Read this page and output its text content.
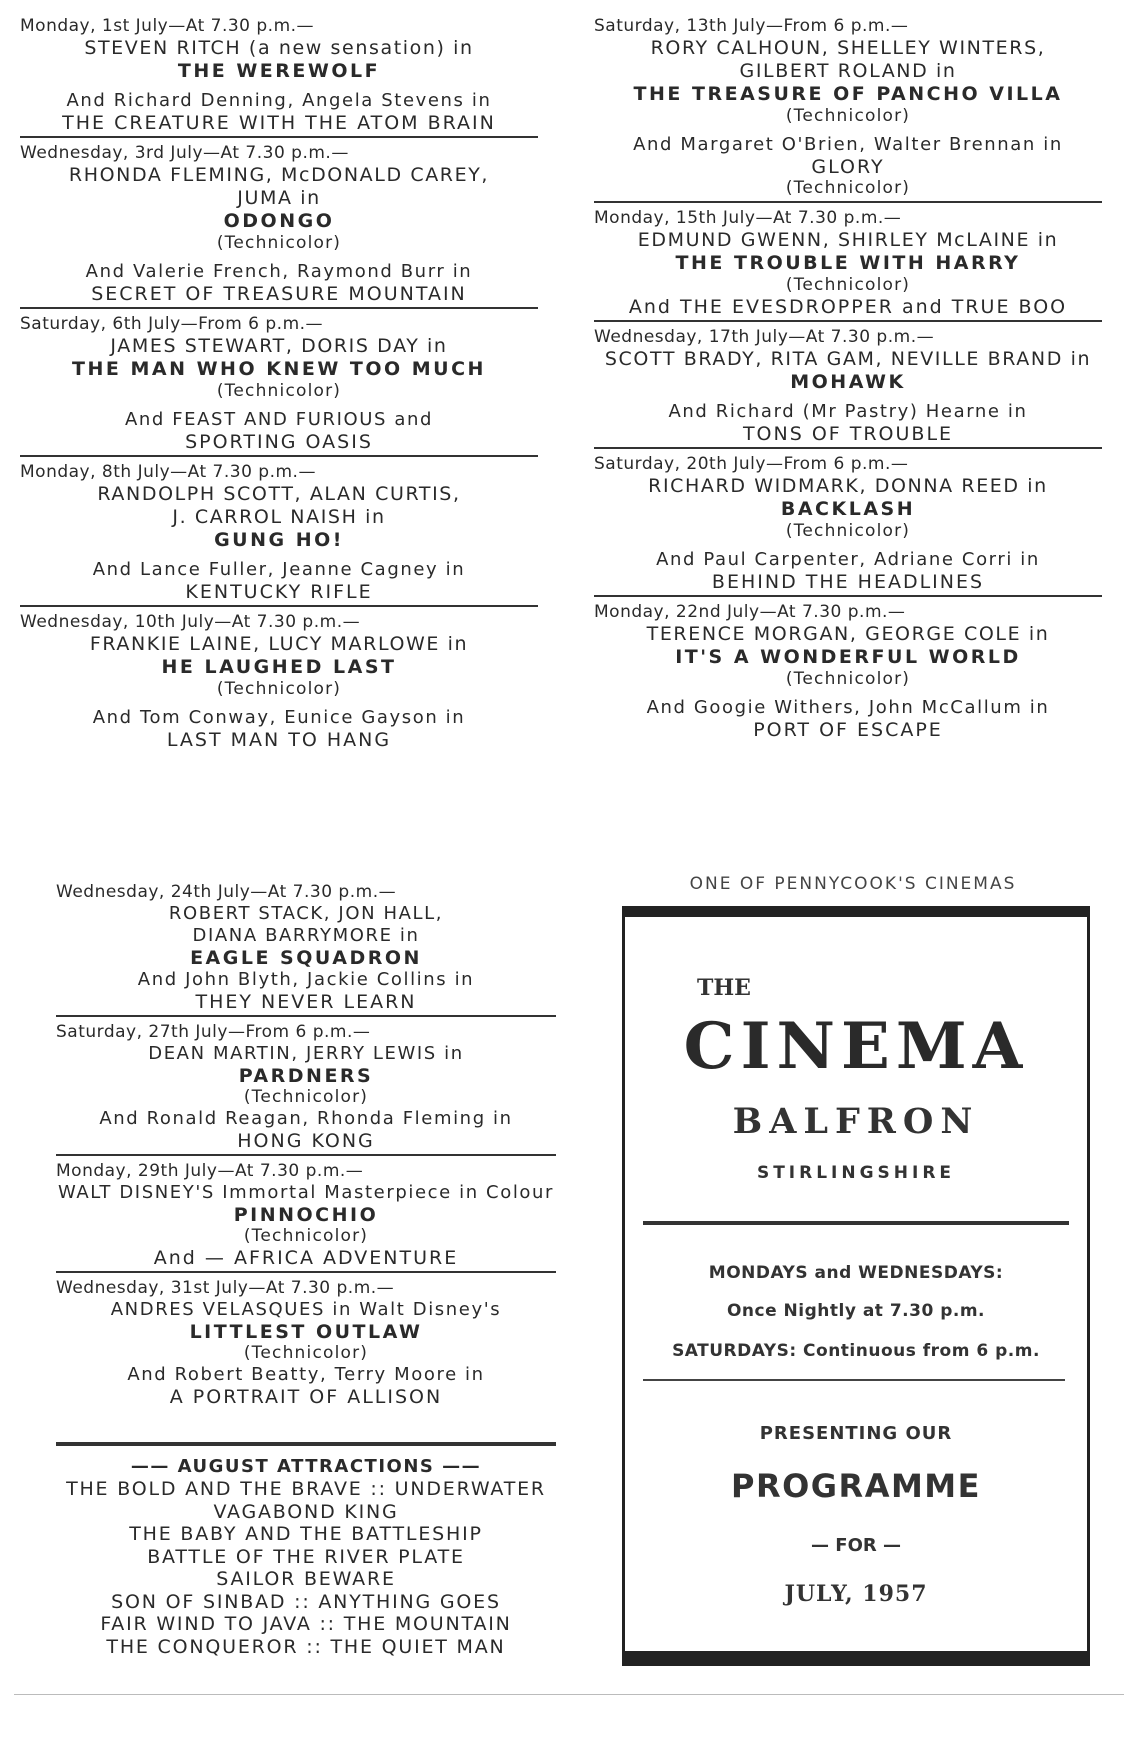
Monday, 1st July—At 7.30 p.m.—
STEVEN RITCH (a new sensation) in
THE WEREWOLF
And Richard Denning, Angela Stevens in
THE CREATURE WITH THE ATOM BRAIN
Wednesday, 3rd July—At 7.30 p.m.—
RHONDA FLEMING, McDONALD CAREY,
JUMA in
ODONGO
(Technicolor)
And Valerie French, Raymond Burr in
SECRET OF TREASURE MOUNTAIN
Saturday, 6th July—From 6 p.m.—
JAMES STEWART, DORIS DAY in
THE MAN WHO KNEW TOO MUCH
(Technicolor)
And FEAST AND FURIOUS and
SPORTING OASIS
Monday, 8th July—At 7.30 p.m.—
RANDOLPH SCOTT, ALAN CURTIS,
J. CARROL NAISH in
GUNG HO!
And Lance Fuller, Jeanne Cagney in
KENTUCKY RIFLE
Wednesday, 10th July—At 7.30 p.m.—
FRANKIE LAINE, LUCY MARLOWE in
HE LAUGHED LAST
(Technicolor)
And Tom Conway, Eunice Gayson in
LAST MAN TO HANG
Saturday, 13th July—From 6 p.m.—
RORY CALHOUN, SHELLEY WINTERS,
GILBERT ROLAND in
THE TREASURE OF PANCHO VILLA
(Technicolor)
And Margaret O'Brien, Walter Brennan in
GLORY
(Technicolor)
Monday, 15th July—At 7.30 p.m.—
EDMUND GWENN, SHIRLEY McLAINE in
THE TROUBLE WITH HARRY
(Technicolor)
And THE EVESDROPPER and TRUE BOO
Wednesday, 17th July—At 7.30 p.m.—
SCOTT BRADY, RITA GAM, NEVILLE BRAND in
MOHAWK
And Richard (Mr Pastry) Hearne in
TONS OF TROUBLE
Saturday, 20th July—From 6 p.m.—
RICHARD WIDMARK, DONNA REED in
BACKLASH
(Technicolor)
And Paul Carpenter, Adriane Corri in
BEHIND THE HEADLINES
Monday, 22nd July—At 7.30 p.m.—
TERENCE MORGAN, GEORGE COLE in
IT'S A WONDERFUL WORLD
(Technicolor)
And Googie Withers, John McCallum in
PORT OF ESCAPE
Wednesday, 24th July—At 7.30 p.m.—
ROBERT STACK, JON HALL,
DIANA BARRYMORE in
EAGLE SQUADRON
And John Blyth, Jackie Collins in
THEY NEVER LEARN
Saturday, 27th July—From 6 p.m.—
DEAN MARTIN, JERRY LEWIS in
PARDNERS
(Technicolor)
And Ronald Reagan, Rhonda Fleming in
HONG KONG
Monday, 29th July—At 7.30 p.m.—
WALT DISNEY'S Immortal Masterpiece in Colour
PINNOCHIO
(Technicolor)
And — AFRICA ADVENTURE
Wednesday, 31st July—At 7.30 p.m.—
ANDRES VELASQUES in Walt Disney's
LITTLEST OUTLAW
(Technicolor)
And Robert Beatty, Terry Moore in
A PORTRAIT OF ALLISON
—— AUGUST ATTRACTIONS ——
THE BOLD AND THE BRAVE :: UNDERWATER
VAGABOND KING
THE BABY AND THE BATTLESHIP
BATTLE OF THE RIVER PLATE
SAILOR BEWARE
SON OF SINBAD :: ANYTHING GOES
FAIR WIND TO JAVA :: THE MOUNTAIN
THE CONQUEROR :: THE QUIET MAN
ONE OF PENNYCOOK'S CINEMAS
THE
CINEMA
BALFRON
STIRLINGSHIRE
MONDAYS and WEDNESDAYS:
Once Nightly at 7.30 p.m.
SATURDAYS: Continuous from 6 p.m.
PRESENTING OUR
PROGRAMME
— FOR —
JULY, 1957
